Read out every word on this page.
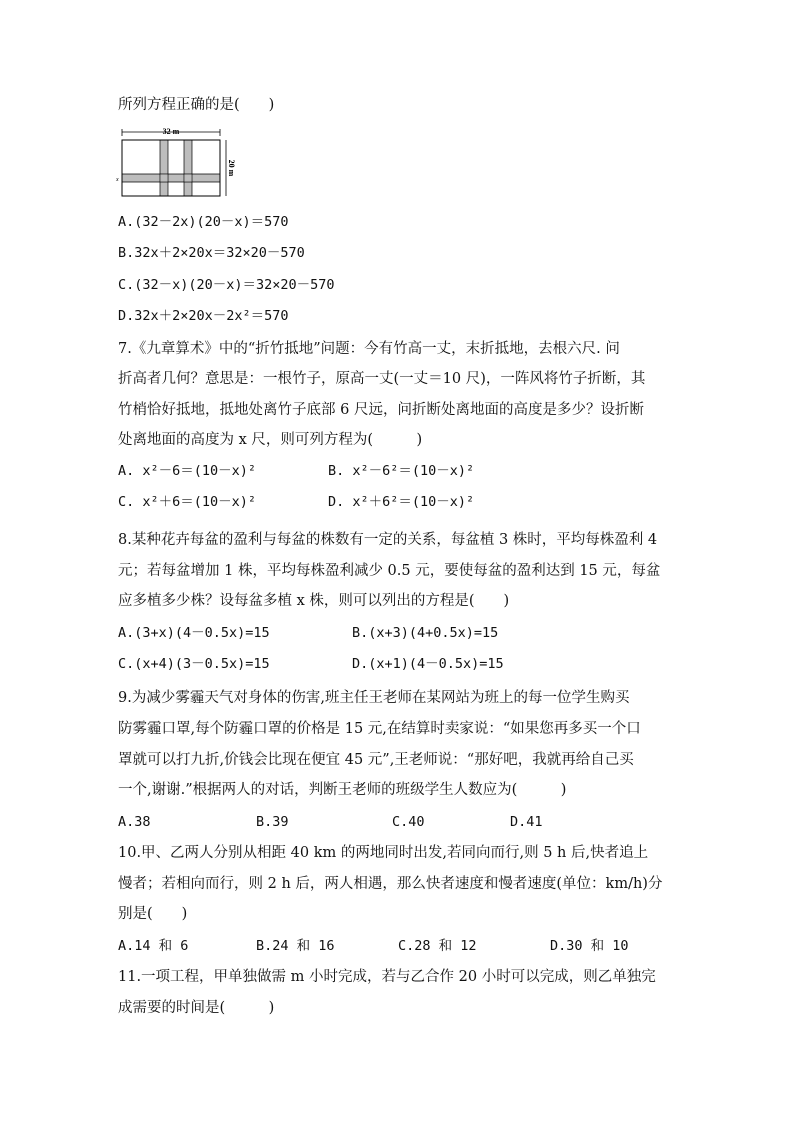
所列方程正确的是(　　)
32 m
20 m
x
A.(32－2x)(20－x)＝570
B.32x＋2×20x＝32×20－570
C.(32－x)(20－x)＝32×20－570
D.32x＋2×20x－2x²＝570
7.《九章算术》中的“折竹抵地”问题：今有竹高一丈，末折抵地，去根六尺. 问
折高者几何？意思是：一根竹子，原高一丈(一丈＝10 尺)，一阵风将竹子折断，其
竹梢恰好抵地，抵地处离竹子底部 6 尺远，问折断处离地面的高度是多少？设折断
处离地面的高度为 x 尺，则可列方程为(　　　)
A. x²－6＝(10－x)²	B. x²－6²＝(10－x)²
C. x²＋6＝(10－x)²	D. x²＋6²＝(10－x)²
8.某种花卉每盆的盈利与每盆的株数有一定的关系，每盆植 3 株时，平均每株盈利 4
元；若每盆增加 1 株，平均每株盈利减少 0.5 元，要使每盆的盈利达到 15 元，每盆
应多植多少株？设每盆多植 x 株，则可以列出的方程是(　　)
A.(3+x)(4－0.5x)=15	B.(x+3)(4+0.5x)=15
C.(x+4)(3－0.5x)=15	D.(x+1)(4－0.5x)=15
9.为减少雾霾天气对身体的伤害,班主任王老师在某网站为班上的每一位学生购买
防雾霾口罩,每个防霾口罩的价格是 15 元,在结算时卖家说：“如果您再多买一个口
罩就可以打九折,价钱会比现在便宜 45 元”,王老师说：“那好吧，我就再给自己买
一个,谢谢.”根据两人的对话，判断王老师的班级学生人数应为(　　　)
A.38	B.39	C.40	D.41
10.甲、乙两人分别从相距 40 km 的两地同时出发,若同向而行,则 5 h 后,快者追上
慢者；若相向而行，则 2 h 后，两人相遇，那么快者速度和慢者速度(单位：km/h)分
别是(　　)
A.14 和 6	B.24 和 16	C.28 和 12	D.30 和 10
11.一项工程，甲单独做需 m 小时完成，若与乙合作 20 小时可以完成，则乙单独完
成需要的时间是(　　　)
